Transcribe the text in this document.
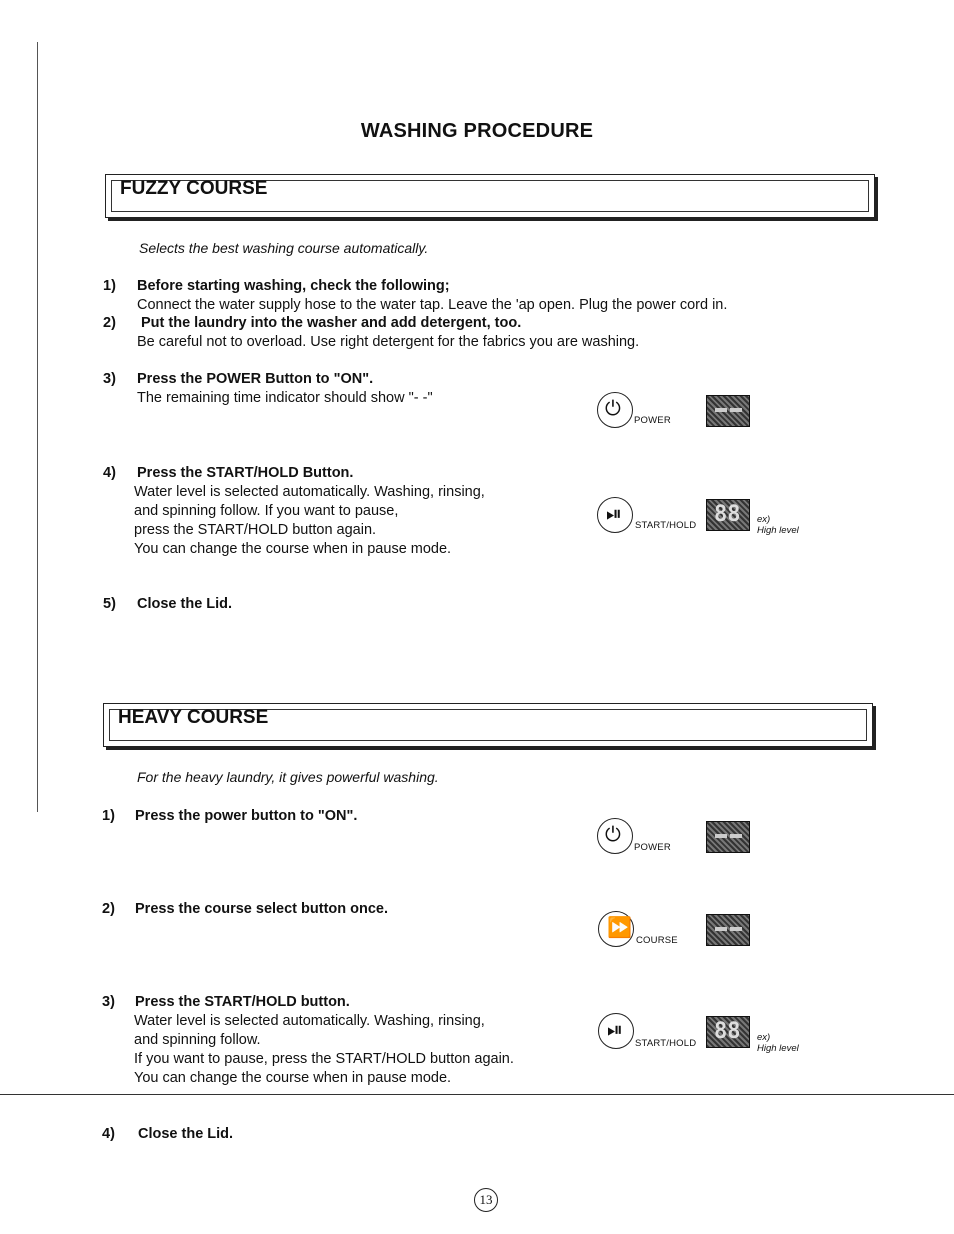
WASHING PROCEDURE
FUZZY COURSE
Selects the best washing course automatically.
1) Before starting washing, check the following;
Connect the water supply hose to the water tap. Leave the 'ap open. Plug the power cord in.
2) Put the laundry into the washer and add detergent, too.
Be careful not to overload. Use right detergent for the fabrics you are washing.
3) Press the POWER Button to "ON".
The remaining time indicator should show "- -"	⏻
POWER
4) Press the START/HOLD Button.
Water level is selected automatically. Washing, rinsing,
and spinning follow. If you want to pause,
press the START/HOLD button again.
You can change the course when in pause mode.
⏯
START/HOLD 88 ex)
High level
5) Close the Lid.
HEAVY COURSE
For the heavy laundry, it gives powerful washing.
1) Press the power button to "ON".
⏻
POWER
2) Press the course select button once.
⏩
COURSE
3) Press the START/HOLD button.
Water level is selected automatically. Washing, rinsing,
and spinning follow.
If you want to pause, press the START/HOLD button again.
You can change the course when in pause mode.
⏯
START/HOLD 88 ex)
High level
4) Close the Lid.
13
